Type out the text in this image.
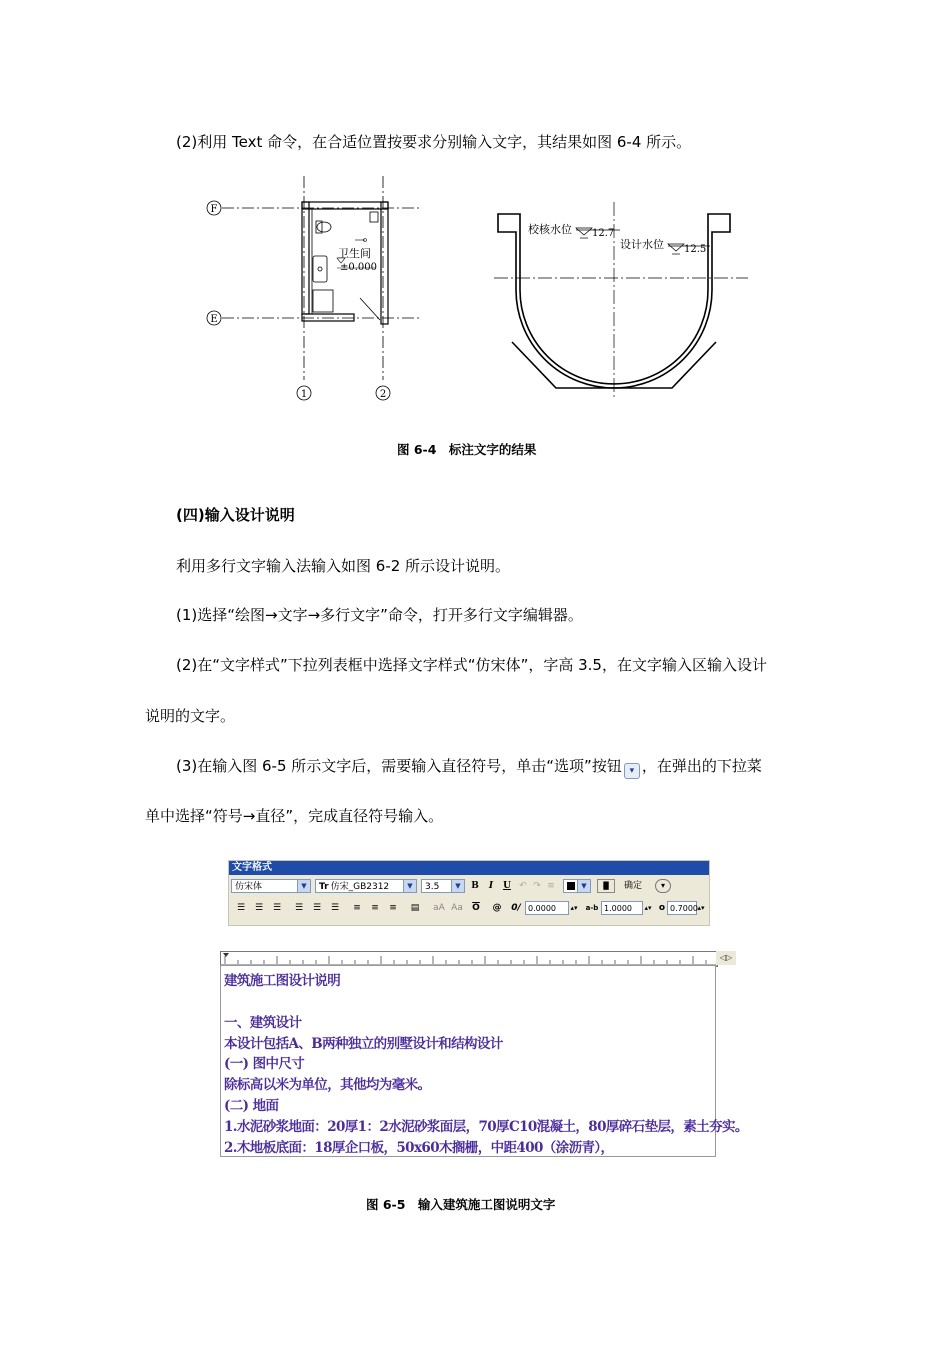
(2)利用 Text 命令，在合适位置按要求分别输入文字，其结果如图 6-4 所示。
F
E
1	2
卫生间
±0.000
校核水位 12.7
设计水位 12.5
图 6-4　标注文字的结果
(四)输入设计说明
利用多行文字输入法输入如图 6-2 所示设计说明。
(1)选择“绘图→文字→多行文字”命令，打开多行文字编辑器。
(2)在“文字样式”下拉列表框中选择文字样式“仿宋体”，字高 3.5，在文字输入区输入设计
说明的文字。
(3)在输入图 6-5 所示文字后，需要输入直径符号，单击“选项”按钮 ▾ ，在弹出的下拉菜
单中选择“符号→直径”，完成直径符号输入。
文字格式
仿宋体	▼	Tr 仿宋_GB2312	▼	3.5	▼	B	I	U ↶ ↷ ≡	▼	▐▌	确定	▾
☰	☰	☰	☰	☰	☰	≡	≡	≡	▤	aA Aa	$\overline{O}$	@	0/ 0.0000	▴▾	a-b 1.0000	▴▾ o 0.7000 ▴▾
◁▷
建筑施工图设计说明
一、建筑设计
本设计包括A、B两种独立的别墅设计和结构设计
(一) 图中尺寸
除标高以米为单位，其他均为毫米。
(二) 地面
1.水泥砂浆地面：20厚1：2水泥砂浆面层，70厚C10混凝土，80厚碎石垫层，素土夯实。
2.木地板底面：18厚企口板，50x60木搁栅，中距400（涂沥青），
图 6-5　输入建筑施工图说明文字
